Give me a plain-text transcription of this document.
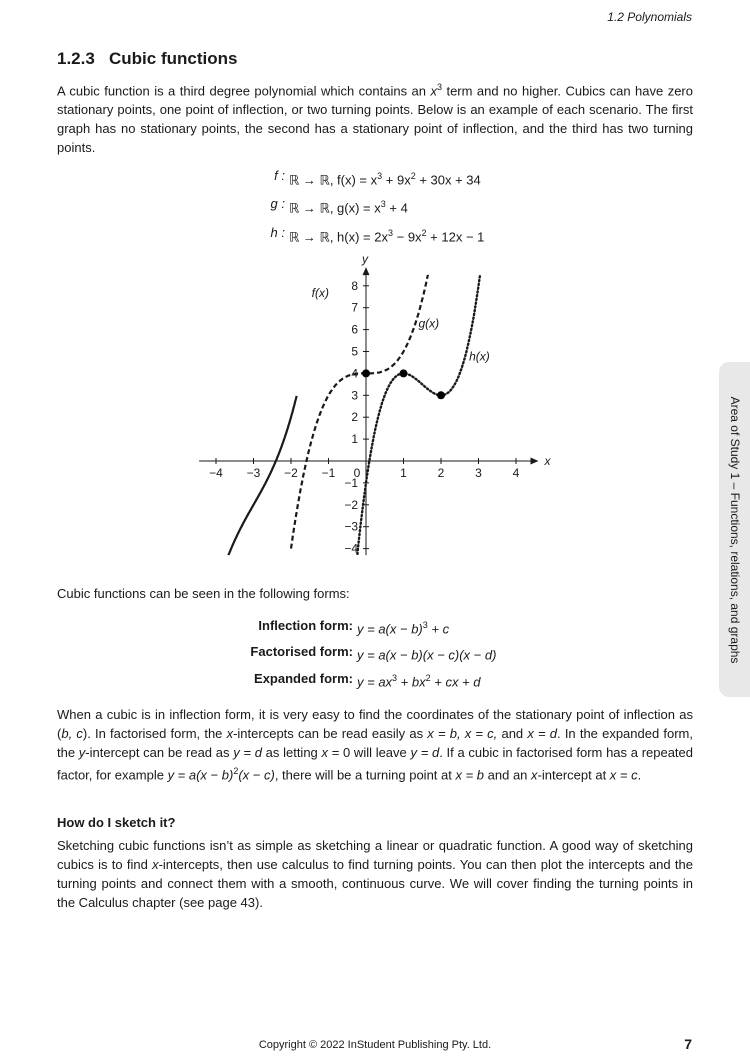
1.2 Polynomials
1.2.3 Cubic functions
A cubic function is a third degree polynomial which contains an $x^3$ term and no higher. Cubics can have zero stationary points, one point of inflection, or two turning points. Below is an example of each scenario. The first graph has no stationary points, the second has a stationary point of inflection, and the third has two turning points.
f : ℝ → ℝ, $f(x) = x^3 + 9x^2 + 30x + 34$
g : ℝ → ℝ, $g(x) = x^3 + 4$
h : ℝ → ℝ, $h(x) = 2x^3 - 9x^2 + 12x - 1$
x
y
−4 −3 −2 −1 0	1	2	3	4
−4
−3
−2
−1
1
2
3
4
5
6
7
8
f(x)
g(x)
h(x)
Cubic functions can be seen in the following forms:
Inflection form: $y = a(x - b)^3 + c$
Factorised form: y = a(x − b)(x − c)(x − d)
Expanded form: $y = ax^3 + bx^2$ + cx + d
When a cubic is in inflection form, it is very easy to find the coordinates of the stationary point of inflection as (b, c). In factorised form, the x-intercepts can be read easily as x = b, x = c, and x = d. In the expanded form, the y-intercept can be read as y = d as letting x = 0 will leave y = d. If a cubic in factorised form has a repeated factor, for example $y = a(x - b)^2(x - c)$, there will be a turning point at x = b and an x-intercept at x = c.
How do I sketch it?
Sketching cubic functions isn’t as simple as sketching a linear or quadratic function. A good way of sketching cubics is to find x-intercepts, then use calculus to find turning points. You can then plot the intercepts and the turning points and connect them with a smooth, continuous curve. We will cover finding the turning points in the Calculus chapter (see page 43).
Area of Study 1 – Functions, relations, and graphs
Copyright © 2022 InStudent Publishing Pty. Ltd.	7
